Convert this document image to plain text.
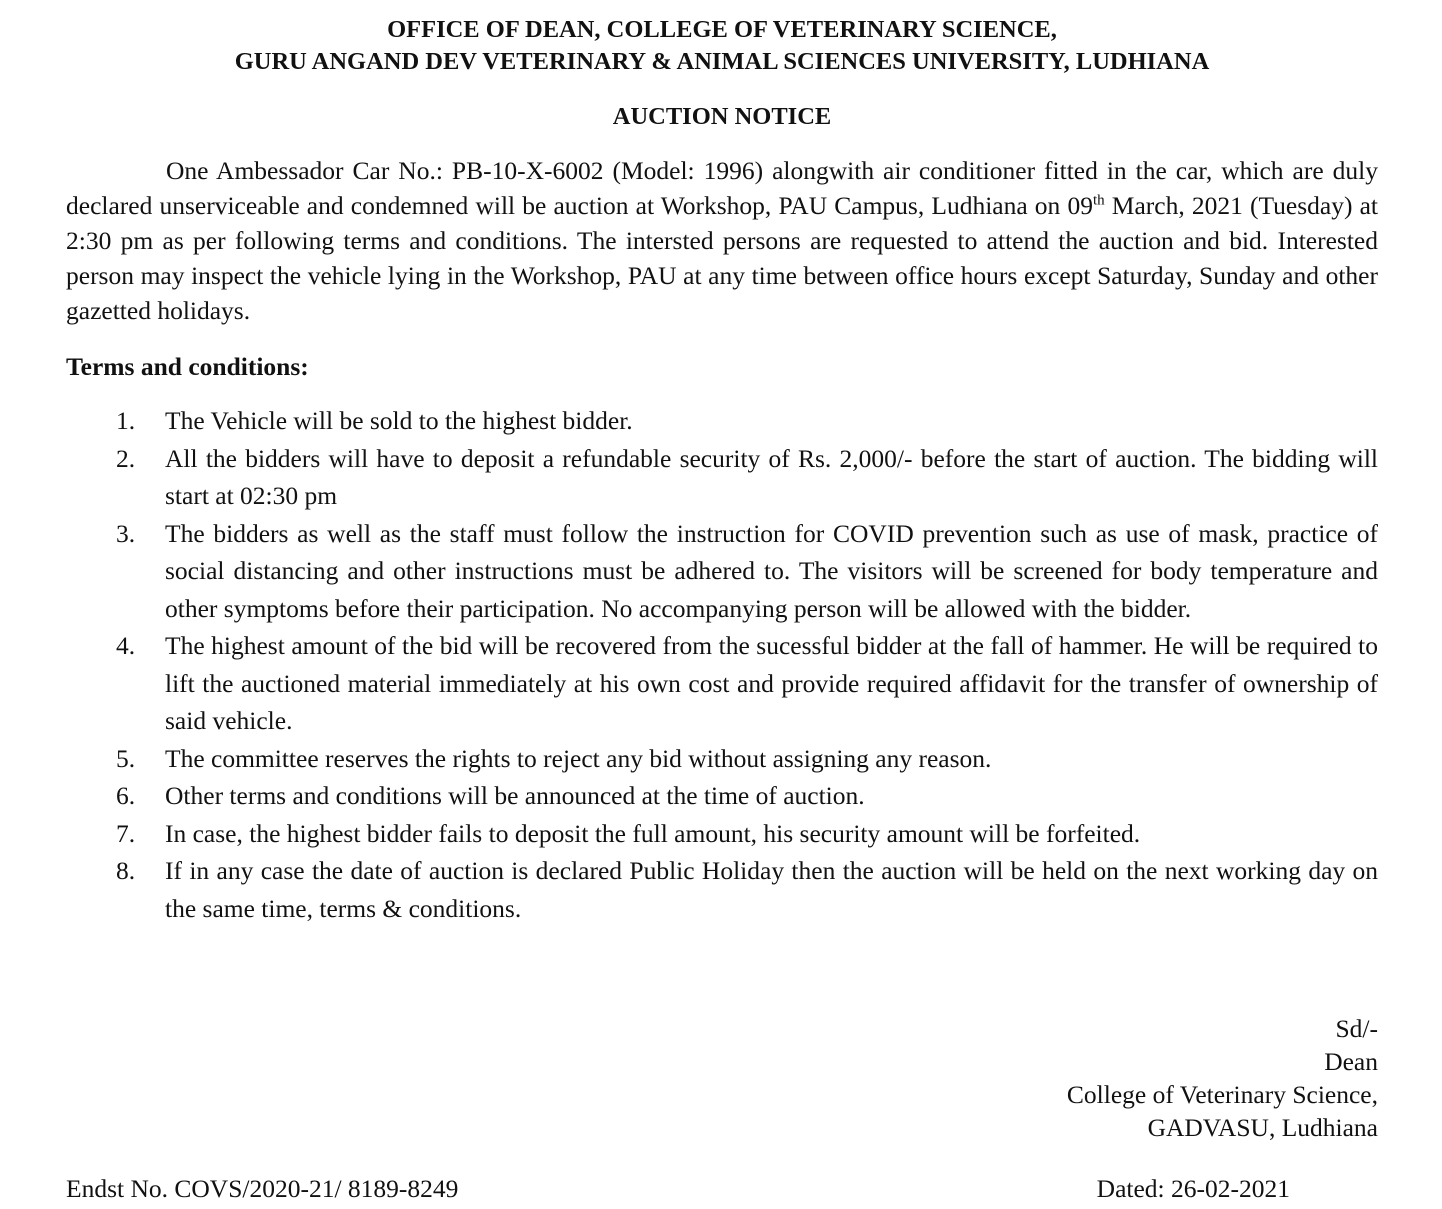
OFFICE OF DEAN, COLLEGE OF VETERINARY SCIENCE,
GURU ANGAND DEV VETERINARY & ANIMAL SCIENCES UNIVERSITY, LUDHIANA
AUCTION NOTICE

One Ambessador Car No.: PB-10-X-6002 (Model: 1996) alongwith air conditioner fitted in the car, which are duly declared unserviceable and condemned will be auction at Workshop, PAU Campus, Ludhiana on 09th March, 2021 (Tuesday) at 2:30 pm as per following terms and conditions. The intersted persons are requested to attend the auction and bid. Interested person may inspect the vehicle lying in the Workshop, PAU at any time between office hours except Saturday, Sunday and other gazetted holidays.

Terms and conditions:
1. The Vehicle will be sold to the highest bidder.
2. All the bidders will have to deposit a refundable security of Rs. 2,000/- before the start of auction. The bidding will start at 02:30 pm
3. The bidders as well as the staff must follow the instruction for COVID prevention such as use of mask, practice of social distancing and other instructions must be adhered to. The visitors will be screened for body temperature and other symptoms before their participation. No accompanying person will be allowed with the bidder.
4. The highest amount of the bid will be recovered from the sucessful bidder at the fall of hammer. He will be required to lift the auctioned material immediately at his own cost and provide required affidavit for the transfer of ownership of said vehicle.
5. The committee reserves the rights to reject any bid without assigning any reason.
6. Other terms and conditions will be announced at the time of auction.
7. In case, the highest bidder fails to deposit the full amount, his security amount will be forfeited.
8. If in any case the date of auction is declared Public Holiday then the auction will be held on the next working day on the same time, terms & conditions.
Sd/-
Dean
College of Veterinary Science,
GADVASU, Ludhiana
Endst No. COVS/2020-21/ 8189-8249	Dated: 26-02-2021
